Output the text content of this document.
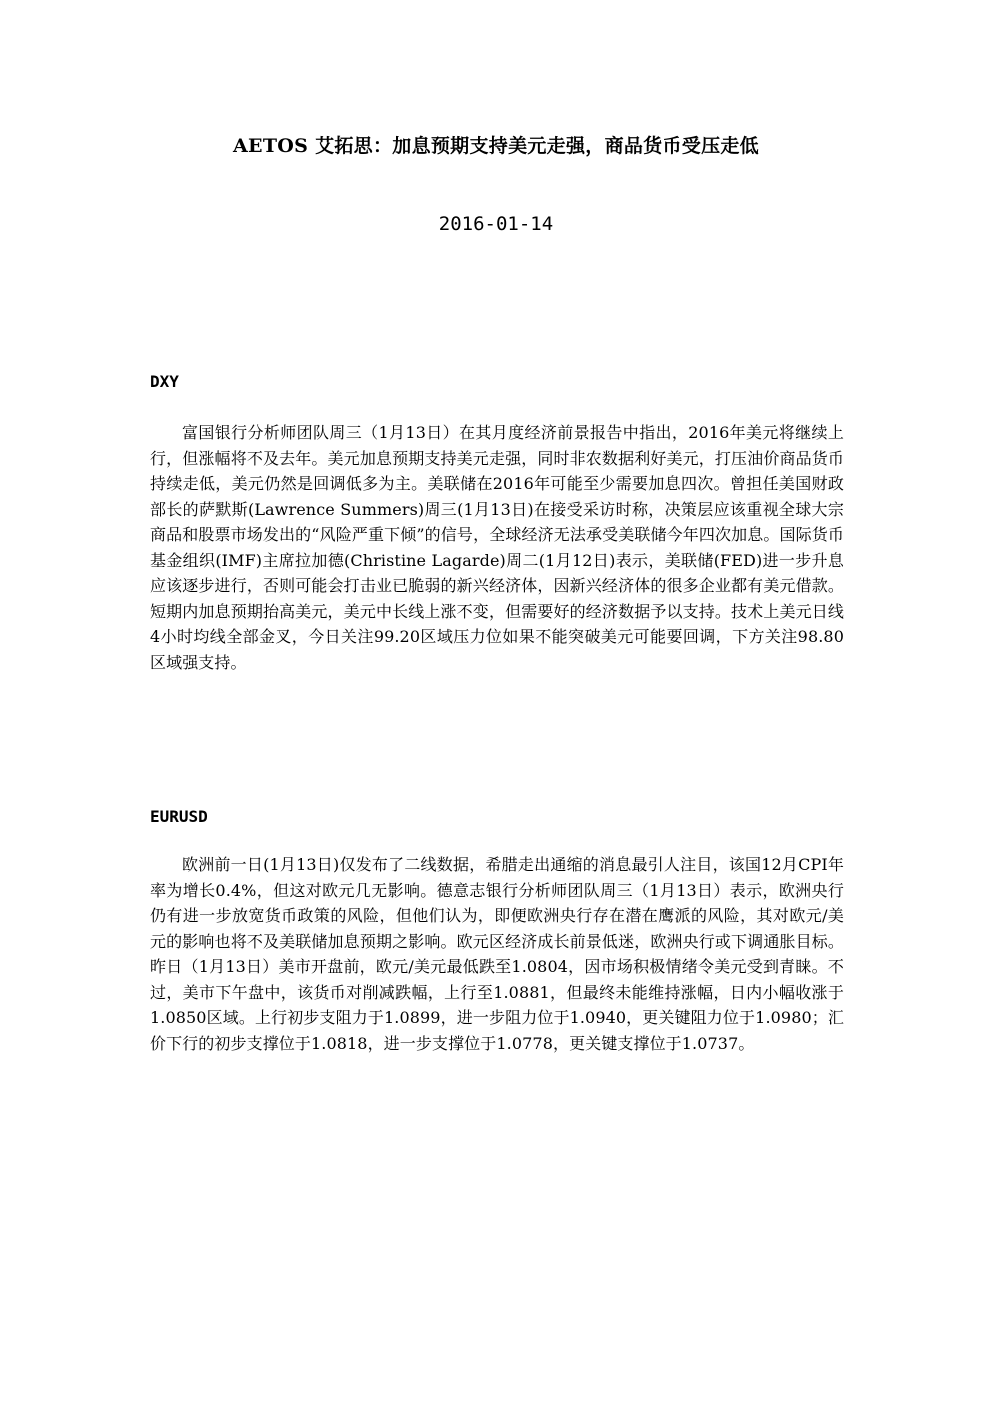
AETOS 艾拓思：加息预期支持美元走强，商品货币受压走低
2016-01-14
DXY

富国银行分析师团队周三（1月13日）在其月度经济前景报告中指出，2016年美元将继续上行，但涨幅将不及去年。美元加息预期支持美元走强，同时非农数据利好美元，打压油价商品货币持续走低，美元仍然是回调低多为主。美联储在2016年可能至少需要加息四次。曾担任美国财政部长的萨默斯(Lawrence Summers)周三(1月13日)在接受采访时称，决策层应该重视全球大宗商品和股票市场发出的“风险严重下倾”的信号，全球经济无法承受美联储今年四次加息。国际货币基金组织(IMF)主席拉加德(Christine Lagarde)周二(1月12日)表示，美联储(FED)进一步升息应该逐步进行，否则可能会打击业已脆弱的新兴经济体，因新兴经济体的很多企业都有美元借款。短期内加息预期抬高美元，美元中长线上涨不变，但需要好的经济数据予以支持。技术上美元日线4小时均线全部金叉，今日关注99.20区域压力位如果不能突破美元可能要回调，下方关注98.80区域强支持。

EURUSD

欧洲前一日(1月13日)仅发布了二线数据，希腊走出通缩的消息最引人注目，该国12月CPI年率为增长0.4%，但这对欧元几无影响。德意志银行分析师团队周三（1月13日）表示，欧洲央行仍有进一步放宽货币政策的风险，但他们认为，即便欧洲央行存在潜在鹰派的风险，其对欧元/美元的影响也将不及美联储加息预期之影响。欧元区经济成长前景低迷，欧洲央行或下调通胀目标。昨日（1月13日）美市开盘前，欧元/美元最低跌至1.0804，因市场积极情绪令美元受到青睐。不过，美市下午盘中，该货币对削减跌幅，上行至1.0881，但最终未能维持涨幅，日内小幅收涨于1.0850区域。上行初步支阻力于1.0899，进一步阻力位于1.0940，更关键阻力位于1.0980；汇价下行的初步支撑位于1.0818，进一步支撑位于1.0778，更关键支撑位于1.0737。
